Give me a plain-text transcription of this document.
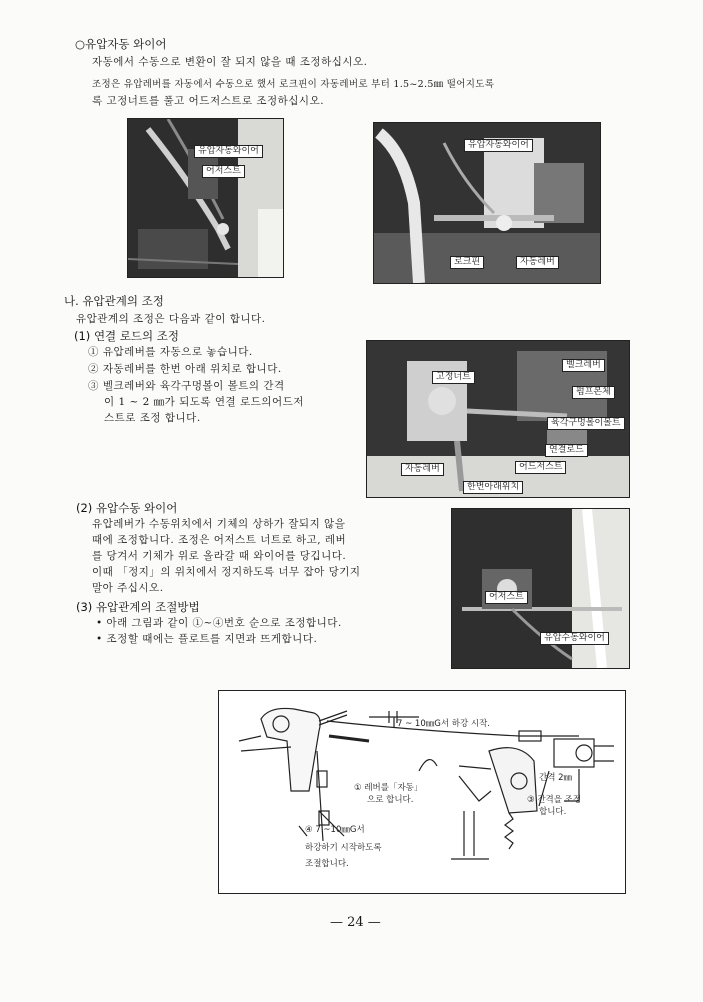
○유압자동 와이어
자동에서 수동으로 변환이 잘 되지 않을 때 조정하십시오.
조정은 유압레버를 자동에서 수동으로 했서 로크핀이 자동레버로 부터 1.5~2.5㎜ 떨어지도록
록 고정너트를 풀고 어드저스트로 조정하십시오.
유압자동와이어
어저스트
유압자동와이어
로크핀	자동레버
나. 유압관계의 조정
유압관계의 조정은 다음과 같이 합니다.
(1) 연결 로드의 조정
① 유압레버를 자동으로 놓습니다.
② 자동레버를 한번 아래 위치로 합니다.
③ 벨크레버와 육각구멍볼이 볼트의 간격
이 1 ~ 2 ㎜가 되도록 연결 로드의어드저
스트로 조정 합니다.
고정너트
벨크레버
펌프본체
육각구멍볼이볼트
연결로드
어드저스트
자동레버
한번아래위치
(2) 유압수동 와이어
유압레버가 수동위치에서 기체의 상하가 잘되지 않을
때에 조정합니다. 조정은 어저스트 너트로 하고, 레버
를 당겨서 기체가 위로 올라갈 때 와이어를 당깁니다.
이때 「정지」의 위치에서 정지하도록 너무 잡아 당기지
말아 주십시오.
(3) 유압관계의 조절방법
• 아래 그림과 같이 ①~④번호 순으로 조정합니다.
• 조정할 때에는 플로트를 지면과 뜨게합니다.
어저스트
유압수동와이어
7 ~ 10㎜G서 하강 시작.
간격 2㎜
① 레버를「자동」
으로 합니다.	③ 간격을 조정
합니다.
④ 7 ~10㎜G서
하강하기 시작하도록
조절합니다.
— 24 —
